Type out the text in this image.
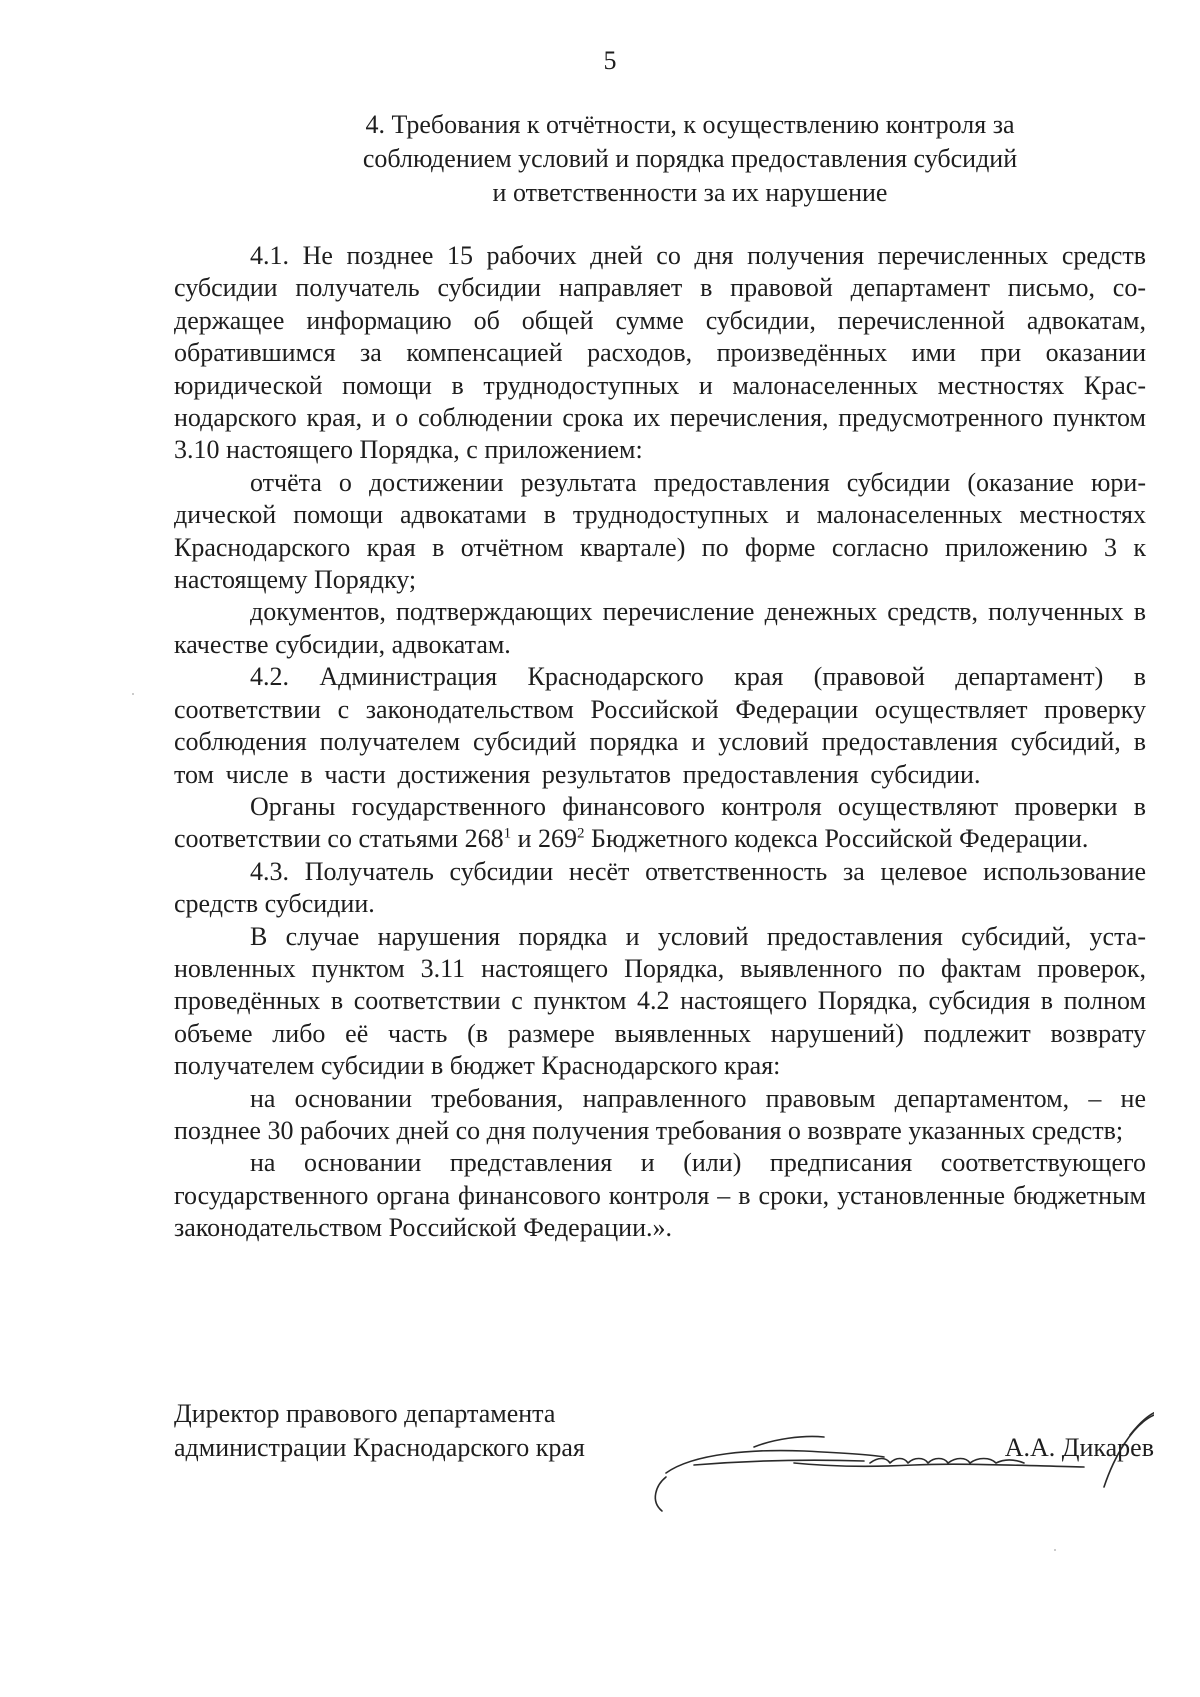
5
4. Требования к отчётности, к осуществлению контроля за
соблюдением условий и порядка предоставления субсидий
и ответственности за их нарушение

4.1. Не позднее 15 рабочих дней со дня получения перечисленных средств субсидии получатель субсидии направляет в правовой департамент письмо, содержащее информацию об общей сумме субсидии, перечисленной адвокатам, обратившимся за компенсацией расходов, произведённых ими при оказании юридической помощи в труднодоступных и малонаселенных местностях Краснодарского края, и о соблюдении срока их перечисления, предусмотренного пунктом 3.10 настоящего Порядка, с приложением:

отчёта о достижении результата предоставления субсидии (оказание юридической помощи адвокатами в труднодоступных и малонаселенных местностях Краснодарского края в отчётном квартале) по форме согласно приложению 3 к настоящему Порядку;

документов, подтверждающих перечисление денежных средств, полученных в качестве субсидии, адвокатам.

4.2. Администрация Краснодарского края (правовой департамент) в соответствии с законодательством Российской Федерации осуществляет проверку соблюдения получателем субсидий порядка и условий предоставления субсидий, в том числе в части достижения результатов предоставления субсидии.

Органы государственного финансового контроля осуществляют проверки в соответствии со статьями $268^1$ и $269^2$ Бюджетного кодекса Российской Федерации.

4.3. Получатель субсидии несёт ответственность за целевое использование средств субсидии.

В случае нарушения порядка и условий предоставления субсидий, установленных пунктом 3.11 настоящего Порядка, выявленного по фактам проверок, проведённых в соответствии с пунктом 4.2 настоящего Порядка, субсидия в полном объеме либо её часть (в размере выявленных нарушений) подлежит возврату получателем субсидии в бюджет Краснодарского края:

на основании требования, направленного правовым департаментом, – не позднее 30 рабочих дней со дня получения требования о возврате указанных средств;

на основании представления и (или) предписания соответствующего государственного органа финансового контроля – в сроки, установленные бюджетным законодательством Российской Федерации.».

Директор правового департамента
администрации Краснодарского края	А.А. Дикарев
